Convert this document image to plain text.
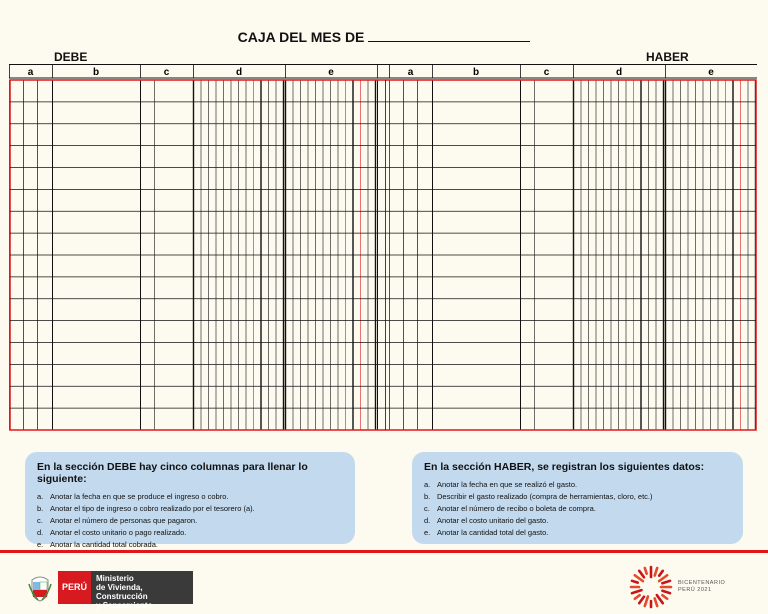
CAJA DEL MES DE
DEBE	HABER
a	b	c	d	e	a	b	c	d	e
En la sección DEBE hay cinco columnas para llenar lo siguiente:
a. Anotar la fecha en que se produce el ingreso o cobro.
b. Anotar el tipo de ingreso o cobro realizado por el tesorero (a).
c. Anotar el número de personas que pagaron.
d. Anotar el costo unitario o pago realizado.
e. Anotar la cantidad total cobrada.
En la sección HABER, se registran los siguientes datos:
a. Anotar la fecha en que se realizó el gasto.
b. Describir el gasto realizado (compra de herramientas, cloro, etc.)
c. Anotar el número de recibo o boleta de compra.
d. Anotar el costo unitario del gasto.
e. Anotar la cantidad total del gasto.
PERÚ
Ministerio
de Vivienda, Construcción
y Saneamiento
BICENTENARIO
PERÚ 2021
